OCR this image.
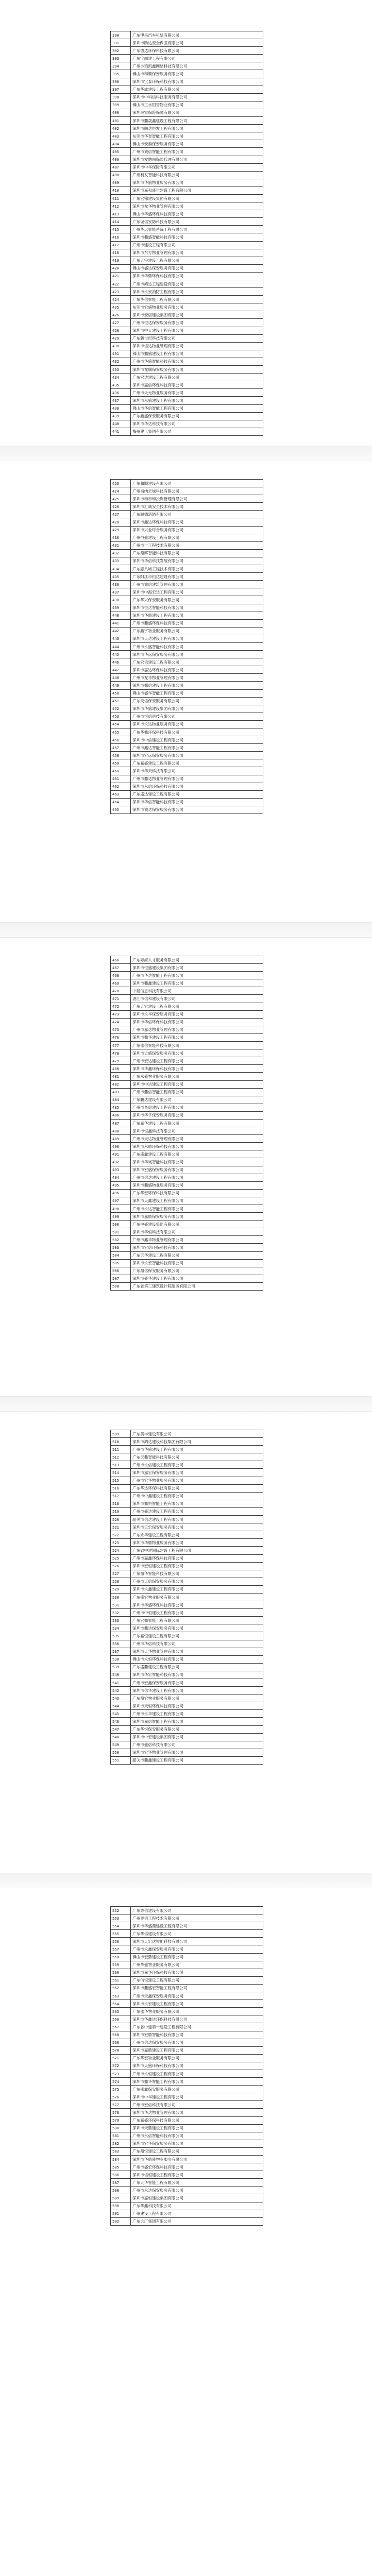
390	广东博昌汽车租赁有限公司
391	深圳市腾达安全保卫有限公司
392	广东德达环保科技有限公司
393	广东宝丽建工程有限公司
394	广州小鸡凯鑫网络科技有限公司
395	佛山市和顺保安服务有限公司
396	深圳市宝泰环保科技有限公司
397	广东华成建设工程有限公司
398	深圳市中科信科技服务有限公司
399	佛山市三水国誉物业有限公司
400	深圳民富保险保障有限公司
401	深圳市鼎晟鑫建设工程有限公司
402	深圳市鹏达恒发工程有限公司
403	东莞市华智智能工程有限公司
404	佛山市安泰保安服务有限公司
405	广州市诚信智能工程有限公司
406	深圳市发纳丽保险代理有限公司
407	深圳市中华保险有限公司
408	广州利发智能科技有限公司
409	深圳市华盛物业服务有限公司
410	深圳市嘉和盛世建设工程有限公司
411	广东宏锦建设集团有限公司
412	深圳市龙华物业管理有限公司
413	佛山市华盛环保科技有限公司
414	广东诚信安防科技有限公司
415	广州华远智能系统工程有限公司
416	深圳市鼎盛智能科技有限公司
417	广州市建设工程有限公司
418	深圳市东方物业管理有限公司
419	广东天宇建设工程有限公司
420	佛山市盛达保安服务有限公司
421	深圳市华鼎环保科技有限公司
422	广州市鸿达工程建设有限公司
423	深圳市永安消防工程有限公司
424	广东华信智能工程有限公司
425	东莞市宏盛物业服务有限公司
426	深圳市安居建设集团有限公司
427	广州市恒达保安服务有限公司
428	深圳市中天建设工程有限公司
429	广东新世纪科技有限公司
430	深圳市信达物业管理有限公司
431	佛山市鼎盛建设工程有限公司
432	广州市华盛智能科技有限公司
433	深圳市龙腾保安服务有限公司
434	广东宏达建设工程有限公司
435	深圳市嘉信环保科技有限公司
436	广州市天元物业服务有限公司
437	深圳市永盛建设工程有限公司
438	佛山市华信智能工程有限公司
439	广东鑫盛保安服务有限公司
440	深圳市华达科技有限公司
441	梅州建工集团有限公司
423	广东和顺建设有限公司
424	广州海纳天城科技有限公司
425	深圳市和和和投资管理有限公司
426	深圳市汇诚安全技术有限公司
427	广东顺德消防有限公司
428	深圳市鑫达环保科技有限公司
429	深圳市兴业综合服务有限公司
430	广州恒盛建设工程有限公司
431	广州市一工程技术有限公司
432	广东鼎辉智能科技有限公司
433	深圳市华信科技发展有限公司
434	广东惠八城工程技术有限公司
435	广东阳江市恒达建设有限公司
436	广州市诚信建筑管理有限公司
437	深圳市中海宏达工程有限公司
438	广东华兴保安服务有限公司
439	深圳市恒达智能科技有限公司
440	深圳市华鼎建设工程有限公司
441	广州市鼎盛环保科技有限公司
442	广东鑫宇物业服务有限公司
443	深圳市天达建设工程有限公司
444	广州市永盛智能科技有限公司
445	深圳市华远保安服务有限公司
446	广东宏信建设工程有限公司
447	深圳市嘉达环保科技有限公司
448	广州市龙华物业管理有限公司
449	深圳市鼎信建设工程有限公司
450	佛山市盛华智能工程有限公司
451	广东天信保安服务有限公司
452	深圳市华盛建设集团有限公司
453	广州市恒信科技有限公司
454	深圳市永达物业服务有限公司
455	广东华鼎环保科技有限公司
456	深圳市中信建设工程有限公司
457	广州市鑫达智能工程有限公司
458	深圳市宏远保安服务有限公司
459	广东嘉盛建设工程有限公司
460	深圳市华天科技有限公司
461	广州市鼎达物业管理有限公司
462	深圳市永信环保科技有限公司
463	广东盛达建设工程有限公司
464	深圳市华信智能科技有限公司
465	深圳市诚达保安服务有限公司
466	广东粤海人才服务有限公司
467	深圳市恒盛建设集团有限公司
468	广州市华达智能工程有限公司
469	深圳市鼎鑫建设工程有限公司
470	中船信息科技有限公司
471	湛江市信和建设有限公司
472	广东天宏建设工程有限公司
473	深圳市永华保安服务有限公司
474	深圳市华信环保科技有限公司
475	广州市嘉达物业管理有限公司
476	深圳市鼎华建设工程有限公司
477	广东盛信智能科技有限公司
478	深圳市天盛保安服务有限公司
479	广州市宏达建设工程有限公司
480	深圳市华鑫环保科技有限公司
481	广东永盛物业服务有限公司
482	深圳市中达建设工程有限公司
483	广州市鼎信智能工程有限公司
484	广东鹏达建设有限公司
485	广州市粤信建设工程有限公司
486	深圳市华宇保安服务有限公司
487	广东嘉华建设工程有限公司
488	深圳市恒鑫科技有限公司
489	广州市天达物业管理有限公司
490	深圳市永鼎环保科技有限公司
491	广东盛鑫建设工程有限公司
492	深圳市华诚智能科技有限公司
493	深圳市宏盛保安服务有限公司
494	广州市信达建设工程有限公司
495	深圳市鼎盛物业服务有限公司
496	广东华宏环保科技有限公司
497	深圳市天鑫建设工程有限公司
498	广州市永达智能工程有限公司
499	深圳市嘉鼎保安服务有限公司
500	广东中盛建设集团有限公司
501	深圳市华恒科技有限公司
502	广州市鑫华物业管理有限公司
503	深圳市宏信环保科技有限公司
504	广东天华建设工程有限公司
505	深圳市永宏智能科技有限公司
506	广东鼎信保安服务有限公司
507	深圳市盛华建设工程有限公司
508	广东省第三建筑设计院服务有限公司
509	广东美丰建设有限公司
510	深圳市鸿达建设科技集团有限公司
511	广州市华盛建设工程有限公司
512	广东天鼎智能科技有限公司
513	广州市永信建设工程有限公司
514	深圳市嘉宏保安服务有限公司
515	广州市宏华物业服务有限公司
516	广东华达环保科技有限公司
517	广州市中鑫建设工程有限公司
518	深圳市鼎恒智能工程有限公司
519	广州市盛达建设工程有限公司
520	韶关市信达建设工程有限公司
521	深圳市天宏保安服务有限公司
522	广东永华建设工程有限公司
523	深圳市华鼎物业服务有限公司
524	广东省中建国际建设工程有限公司
525	广州市嘉鑫环保科技有限公司
526	深圳市宏恒建设工程有限公司
527	广东鼎华智能科技有限公司
528	广州市天信保安服务有限公司
529	深圳市永鑫建设工程有限公司
530	广东盛宏物业服务有限公司
531	深圳市华盛环保科技有限公司
532	广州市中恒建设工程有限公司
533	广东宏鼎智能工程有限公司
534	深圳市鼎达保安服务有限公司
535	广东嘉恒建设工程有限公司
536	广州市华信科技有限公司
537	深圳市天华物业管理有限公司
538	佛山市永恒环保科技有限公司
539	广东盛鼎建设工程有限公司
540	深圳市华宏智能科技有限公司
541	广州市宏鑫保安服务有限公司
542	深圳市信华建设工程有限公司
543	广东鼎宏物业服务有限公司
544	深圳市天恒环保科技有限公司
545	广州市永华建设工程有限公司
546	深圳市嘉信智能工程有限公司
547	广东华恒保安服务有限公司
548	深圳市中宏建设集团有限公司
549	广州市盛信科技有限公司
550	深圳市宏华物业管理有限公司
551	韶关市鼎鑫建设工程有限公司
552	广东粤信建设有限公司
553	广州粤信工程技术有限公司
554	深圳市华盛鼎建设工程有限公司
555	广东华信建设有限公司
556	深圳市天宏达智能科技有限公司
557	广州市永鑫保安服务有限公司
558	佛山市宏鼎建设工程有限公司
559	广州华盛物业服务有限公司
560	深圳市嘉华环保科技有限公司
561	广东信恒建设工程有限公司
562	深圳市鼎盛宏智能工程有限公司
563	广州市天鑫保安服务有限公司
564	深圳市永宏建设工程有限公司
565	广东盛华物业服务有限公司
566	深圳市华鑫达环保科技有限公司
567	广东省中建第一建设工程有限公司
568	深圳市宏鼎智能科技有限公司
569	广州市信达保安服务有限公司
570	深圳市嘉鼎建设工程有限公司
571	广东华宏物业服务有限公司
572	深圳市天盛环保科技有限公司
573	广州市永恒建设工程有限公司
574	深圳市鼎华智能工程有限公司
575	广东盛鑫保安服务有限公司
576	深圳市中华建设工程有限公司
577	广州市宏信科技有限公司
578	深圳市华达物业管理有限公司
579	广东嘉盛环保科技有限公司
580	深圳市天鼎建设工程有限公司
581	广州市永信智能科技有限公司
582	深圳市宏华保安服务有限公司
583	广东鼎恒建设工程有限公司
584	深圳市华鼎盛物业服务有限公司
585	广州市盛宏环保科技有限公司
586	深圳市信恒建设工程有限公司
587	广东天华智能工程有限公司
588	广州市永达保安服务有限公司
589	深圳市嘉恒建设集团有限公司
590	广东华鑫科技有限公司
591	广州建设工程有限公司
592	广东大厂集团有限公司
